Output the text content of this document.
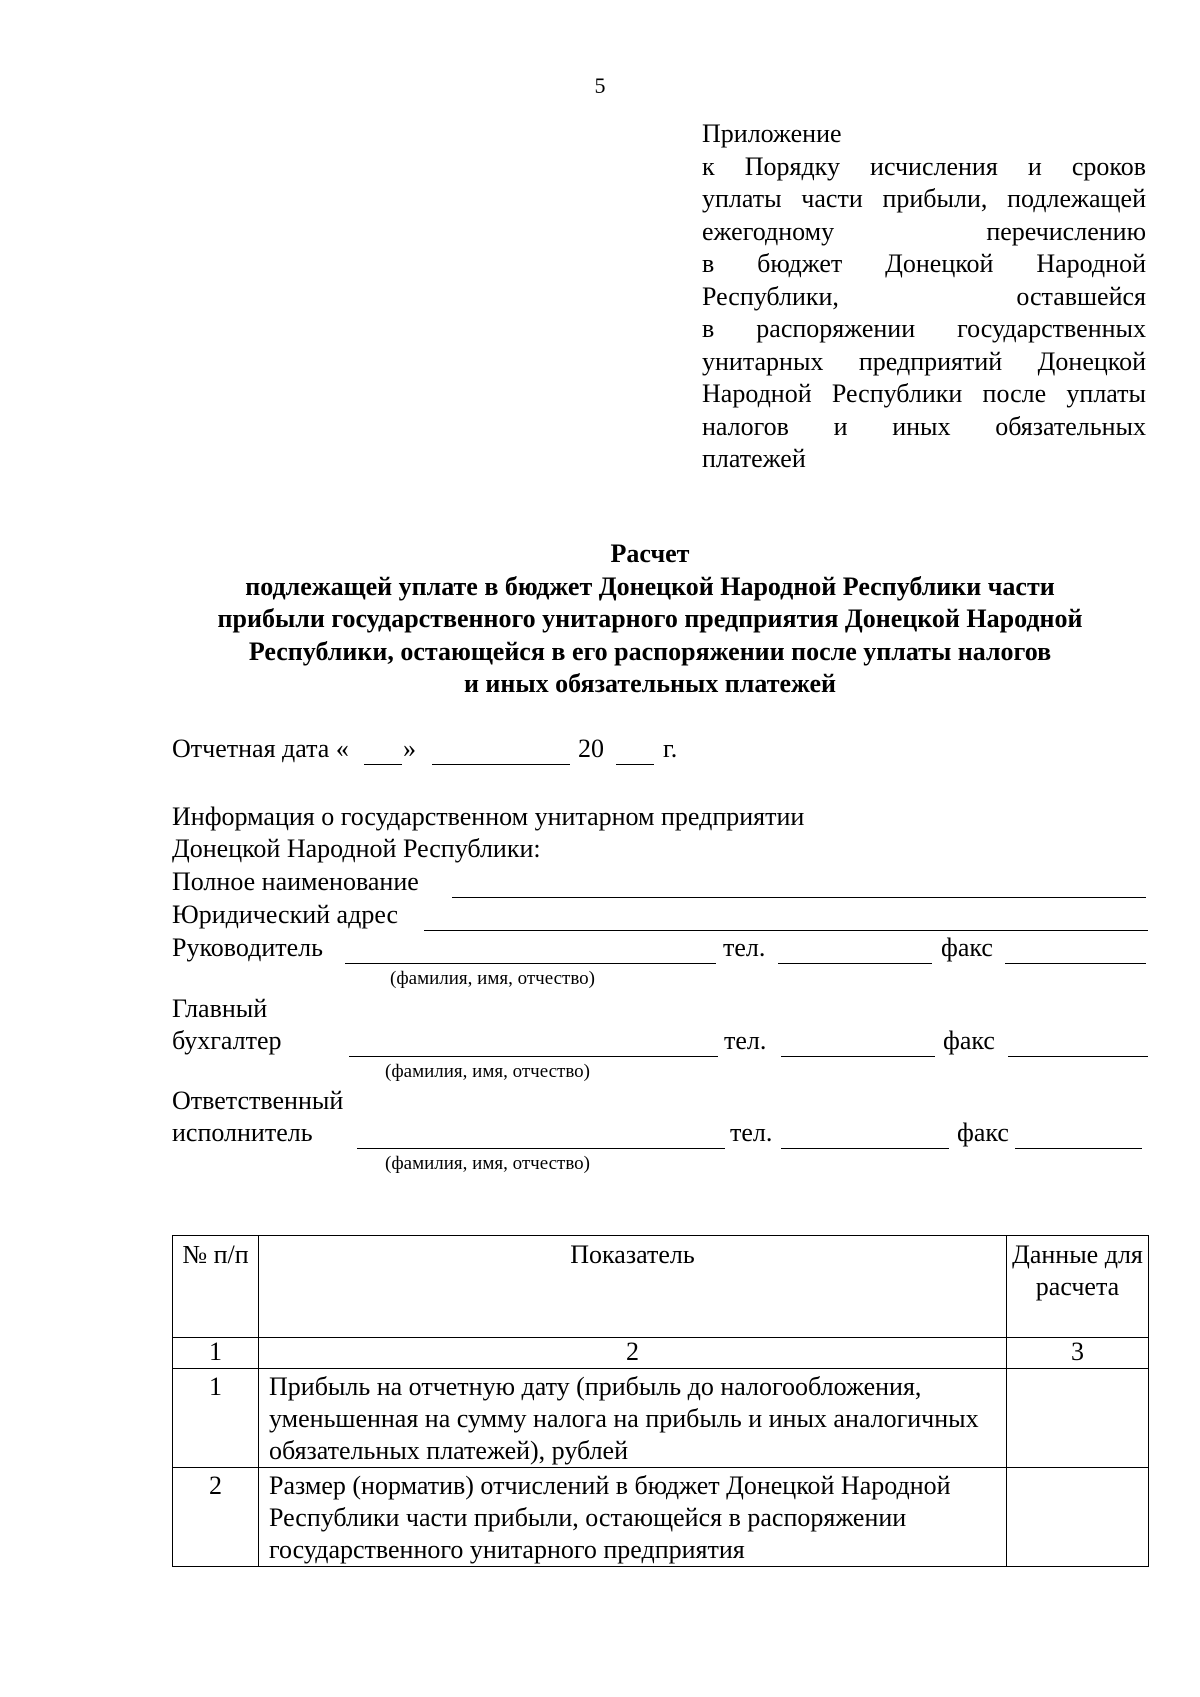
5
Приложение
к Порядку исчисления и сроков
уплаты части прибыли, подлежащей
ежегодному	перечислению
в бюджет Донецкой Народной
Республики,	оставшейся
в распоряжении государственных
унитарных предприятий Донецкой
Народной Республики после уплаты
налогов и иных обязательных
платежей
Расчет
подлежащей уплате в бюджет Донецкой Народной Республики части
прибыли государственного унитарного предприятия Донецкой Народной
Республики, остающейся в его распоряжении после уплаты налогов
и иных обязательных платежей
Отчетная дата « »	20 г.
Информация о государственном унитарном предприятии
Донецкой Народной Республики:
Полное наименование
Юридический адрес
Руководитель	тел.	факс
(фамилия, имя, отчество)
Главный
бухгалтер	тел.	факс
(фамилия, имя, отчество)
Ответственный
исполнитель	тел.	факс
(фамилия, имя, отчество)
№ п/п	Показатель	Данные для расчета
1	2	3
1	Прибыль на отчетную дату (прибыль до налогообложения, уменьшенная на сумму налога на прибыль и иных аналогичных обязательных платежей), рублей	
2	Размер (норматив) отчислений в бюджет Донецкой Народной Республики части прибыли, остающейся в распоряжении государственного унитарного предприятия	
